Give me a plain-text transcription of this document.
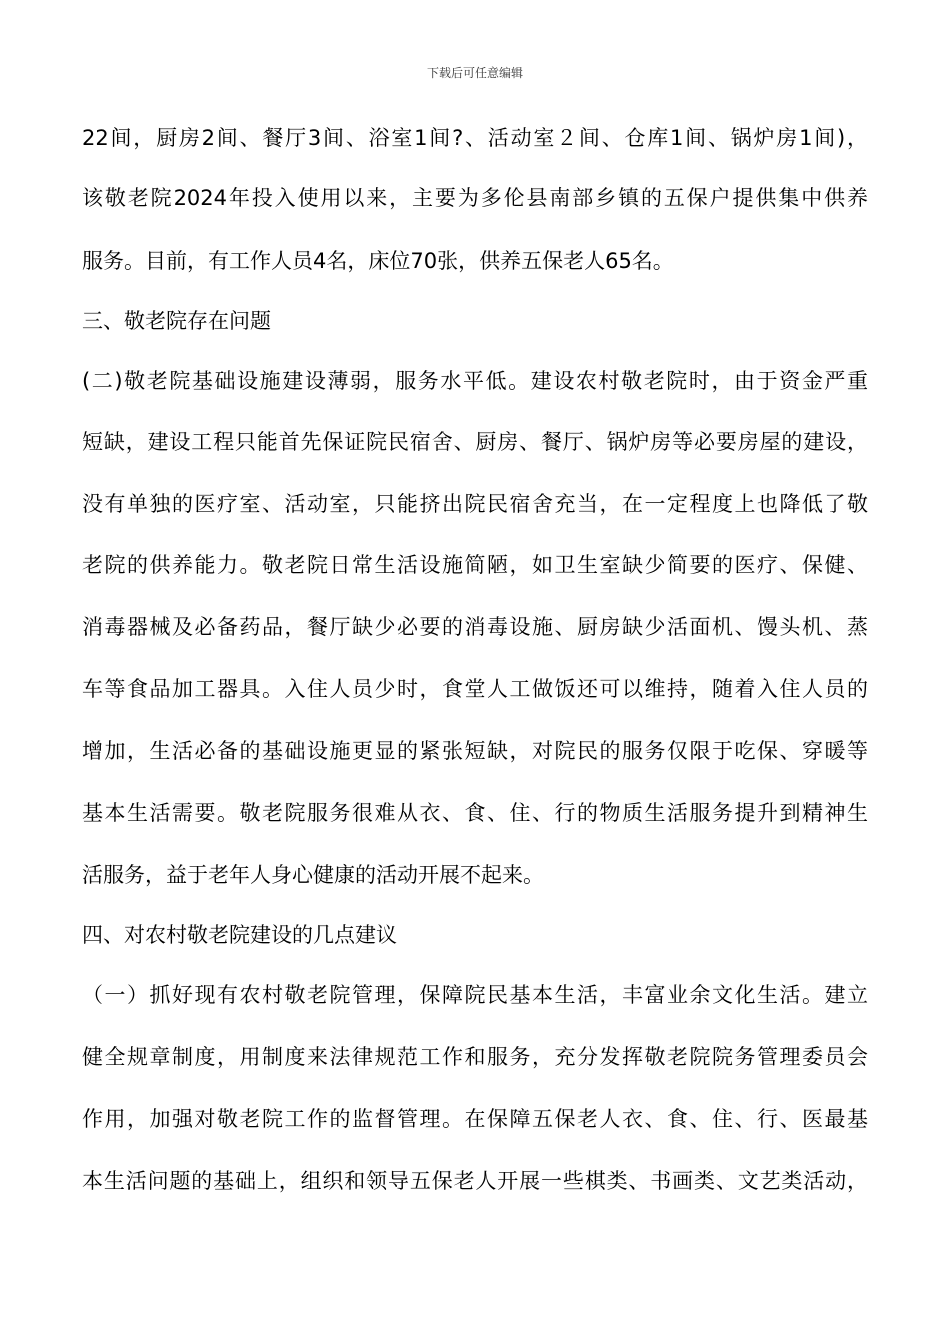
下载后可任意编辑
22间，厨房2间、餐厅3间、浴室1间?、活动室２间、仓库1间、锅炉房1间)，
该敬老院2024年投入使用以来，主要为多伦县南部乡镇的五保户提供集中供养
服务。目前，有工作人员4名，床位70张，供养五保老人65名。
三、敬老院存在问题
(二)敬老院基础设施建设薄弱，服务水平低。建设农村敬老院时，由于资金严重
短缺，建设工程只能首先保证院民宿舍、厨房、餐厅、锅炉房等必要房屋的建设，
没有单独的医疗室、活动室，只能挤出院民宿舍充当，在一定程度上也降低了敬
老院的供养能力。敬老院日常生活设施简陋，如卫生室缺少简要的医疗、保健、
消毒器械及必备药品，餐厅缺少必要的消毒设施、厨房缺少活面机、馒头机、蒸
车等食品加工器具。入住人员少时，食堂人工做饭还可以维持，随着入住人员的
增加，生活必备的基础设施更显的紧张短缺，对院民的服务仅限于吃保、穿暖等
基本生活需要。敬老院服务很难从衣、食、住、行的物质生活服务提升到精神生
活服务，益于老年人身心健康的活动开展不起来。
四、对农村敬老院建设的几点建议
（一）抓好现有农村敬老院管理，保障院民基本生活，丰富业余文化生活。建立
健全规章制度，用制度来法律规范工作和服务，充分发挥敬老院院务管理委员会
作用，加强对敬老院工作的监督管理。在保障五保老人衣、食、住、行、医最基
本生活问题的基础上，组织和领导五保老人开展一些棋类、书画类、文艺类活动，
